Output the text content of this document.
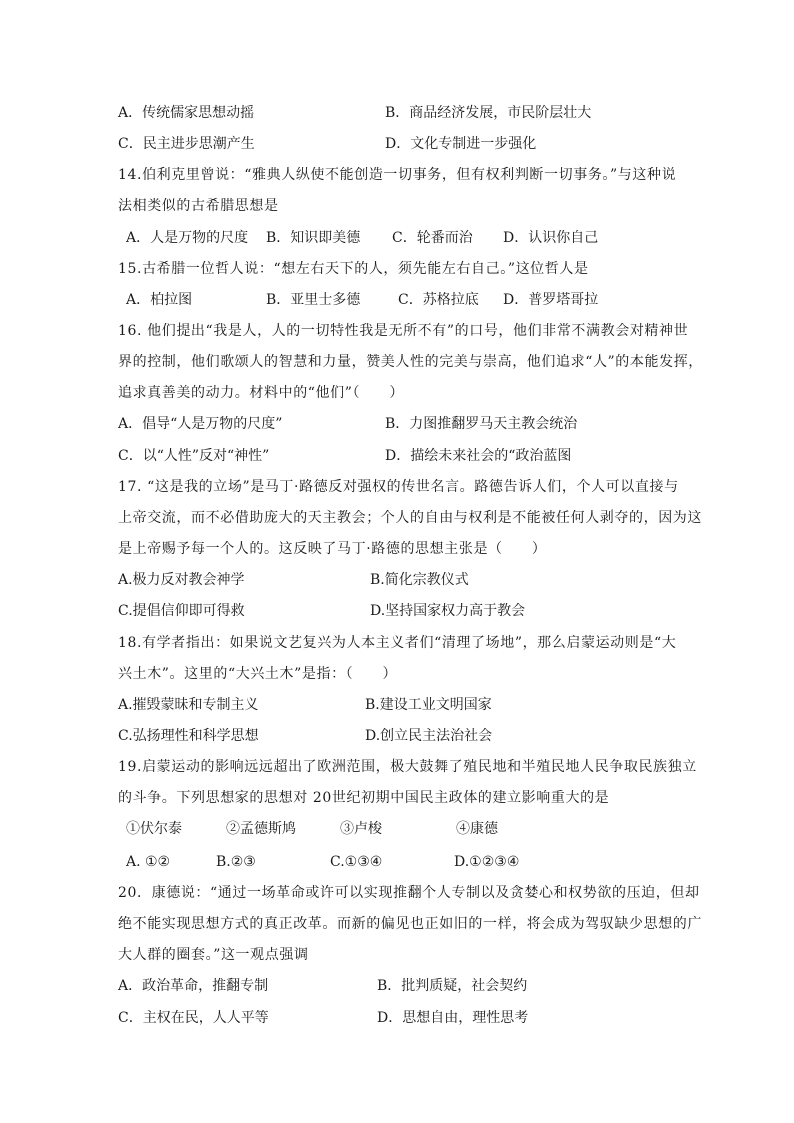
A．传统儒家思想动摇	B．商品经济发展，市民阶层壮大
C．民主进步思潮产生	D．文化专制进一步强化
14.伯利克里曾说：“雅典人纵使不能创造一切事务，但有权利判断一切事务。”与这种说
法相类似的古希腊思想是
A．人是万物的尺度 B．知识即美德 C．轮番而治 D．认识你自己
15.古希腊一位哲人说：“想左右天下的人，须先能左右自己。”这位哲人是
A．柏拉图	B．亚里士多德	C．苏格拉底 D．普罗塔哥拉
16. 他们提出“我是人，人的一切特性我是无所不有”的口号，他们非常不满教会对精神世
界的控制，他们歌颂人的智慧和力量，赞美人性的完美与崇高，他们追求“人”的本能发挥，
追求真善美的动力。材料中的“他们”（　　）
A．倡导“人是万物的尺度”	B．力图推翻罗马天主教会统治
C．以“人性”反对“神性”	D．描绘未来社会的“政治蓝图
17. “这是我的立场”是马丁·路德反对强权的传世名言。路德告诉人们，个人可以直接与
上帝交流，而不必借助庞大的天主教会；个人的自由与权利是不能被任何人剥夺的，因为这
是上帝赐予每一个人的。这反映了马丁·路德的思想主张是（　　）
A.极力反对教会神学	B.简化宗教仪式
C.提倡信仰即可得救	D.坚持国家权力高于教会
18.有学者指出：如果说文艺复兴为人本主义者们“清理了场地”，那么启蒙运动则是“大
兴土木”。这里的“大兴土木”是指：（　　）
A.摧毁蒙昧和专制主义	B.建设工业文明国家
C.弘扬理性和科学思想	D.创立民主法治社会
19.启蒙运动的影响远远超出了欧洲范围，极大鼓舞了殖民地和半殖民地人民争取民族独立
的斗争。下列思想家的思想对 20世纪初期中国民主政体的建立影响重大的是
①伏尔泰	②孟德斯鸠	③卢梭	④康德
A. ①②	B.②③	C.①③④	D.①②③④
20．康德说：“通过一场革命或许可以实现推翻个人专制以及贪婪心和权势欲的压迫，但却
绝不能实现思想方式的真正改革。而新的偏见也正如旧的一样，将会成为驾驭缺少思想的广
大人群的圈套。”这一观点强调
A．政治革命，推翻专制	B．批判质疑，社会契约
C．主权在民，人人平等	D．思想自由，理性思考
